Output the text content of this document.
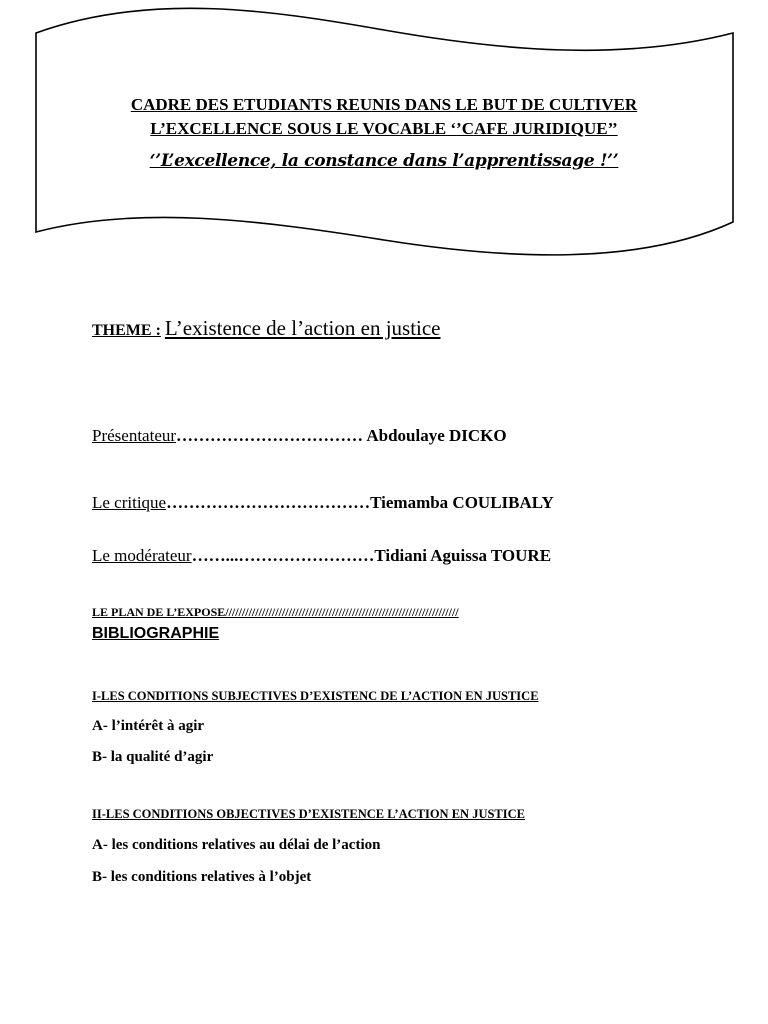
CADRE DES ETUDIANTS REUNIS DANS LE BUT DE CULTIVER
L’EXCELLENCE SOUS LE VOCABLE ‘’CAFE JURIDIQUE’’
‘’L’excellence, la constance dans l’apprentissage !’’
THEME : L’existence de l’action en justice
Présentateur…………………………… Abdoulaye DICKO
Le critique………………………………Tiemamba COULIBALY
Le modérateur……...……………………Tidiani Aguissa TOURE
LE PLAN DE L’EXPOSE//////////////////////////////////////////////////////////////////////
BIBLIOGRAPHIE
I-LES CONDITIONS SUBJECTIVES D’EXISTENC DE L’ACTION EN JUSTICE
A- l’intérêt à agir
B- la qualité d’agir
II-LES CONDITIONS OBJECTIVES D’EXISTENCE L’ACTION EN JUSTICE
A- les conditions relatives au délai de l’action
B- les conditions relatives à l’objet
